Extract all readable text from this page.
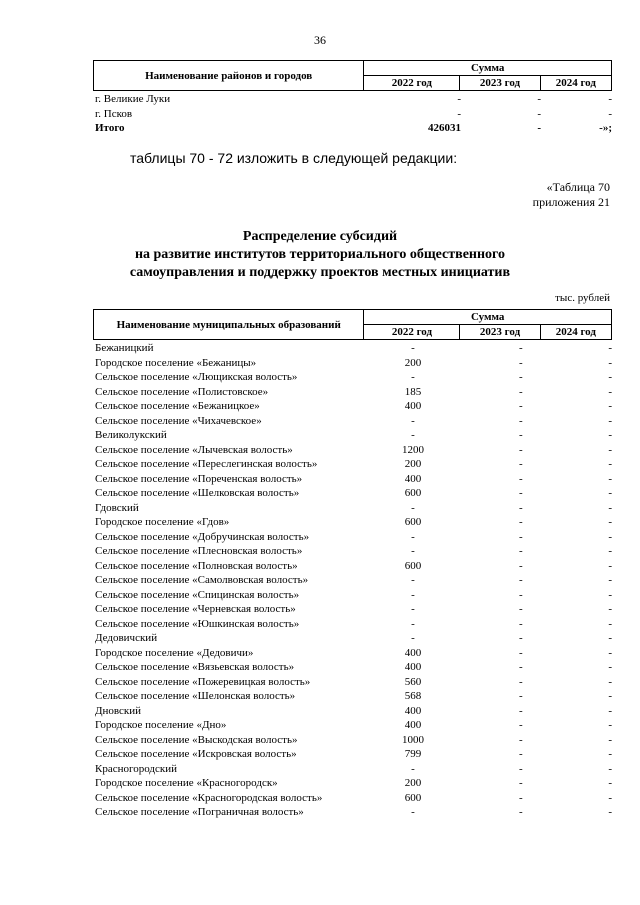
36
Наименование районов и городов	Сумма		
	2022 год	2023 год	2024 год
г. Великие Луки	-	-	-
г. Псков	-	-	-
Итого	426031	-	-»;
таблицы 70 - 72 изложить в следующей редакции:
«Таблица 70
приложения 21
Распределение субсидий
на развитие институтов территориального общественного
самоуправления и поддержку проектов местных инициатив
тыс. рублей
Наименование муниципальных образований	Сумма		
	2022 год	2023 год	2024 год
Бежаницкий	-	-	-
Городское поселение «Бежаницы»	200	-	-
Сельское поселение «Лющикская волость»	-	-	-
Сельское поселение «Полистовское»	185	-	-
Сельское поселение «Бежаницкое»	400	-	-
Сельское поселение «Чихачевское»	-	-	-
Великолукский	-	-	-
Сельское поселение «Лычевская волость»	1200	-	-
Сельское поселение «Переслегинская волость»	200	-	-
Сельское поселение «Пореченская волость»	400	-	-
Сельское поселение «Шелковская волость»	600	-	-
Гдовский	-	-	-
Городское поселение «Гдов»	600	-	-
Сельское поселение «Добручинская волость»	-	-	-
Сельское поселение «Плесновская волость»	-	-	-
Сельское поселение «Полновская волость»	600	-	-
Сельское поселение «Самолвовская волость»	-	-	-
Сельское поселение «Спицинская волость»	-	-	-
Сельское поселение «Черневская волость»	-	-	-
Сельское поселение «Юшкинская волость»	-	-	-
Дедовичский	-	-	-
Городское поселение «Дедовичи»	400	-	-
Сельское поселение «Вязьевская волость»	400	-	-
Сельское поселение «Пожеревицкая волость»	560	-	-
Сельское поселение «Шелонская волость»	568	-	-
Дновский	400	-	-
Городское поселение «Дно»	400	-	-
Сельское поселение «Выскодская волость»	1000	-	-
Сельское поселение «Искровская волость»	799	-	-
Красногородский	-	-	-
Городское поселение «Красногородск»	200	-	-
Сельское поселение «Красногородская волость»	600	-	-
Сельское поселение «Пограничная волость»	-	-	-
